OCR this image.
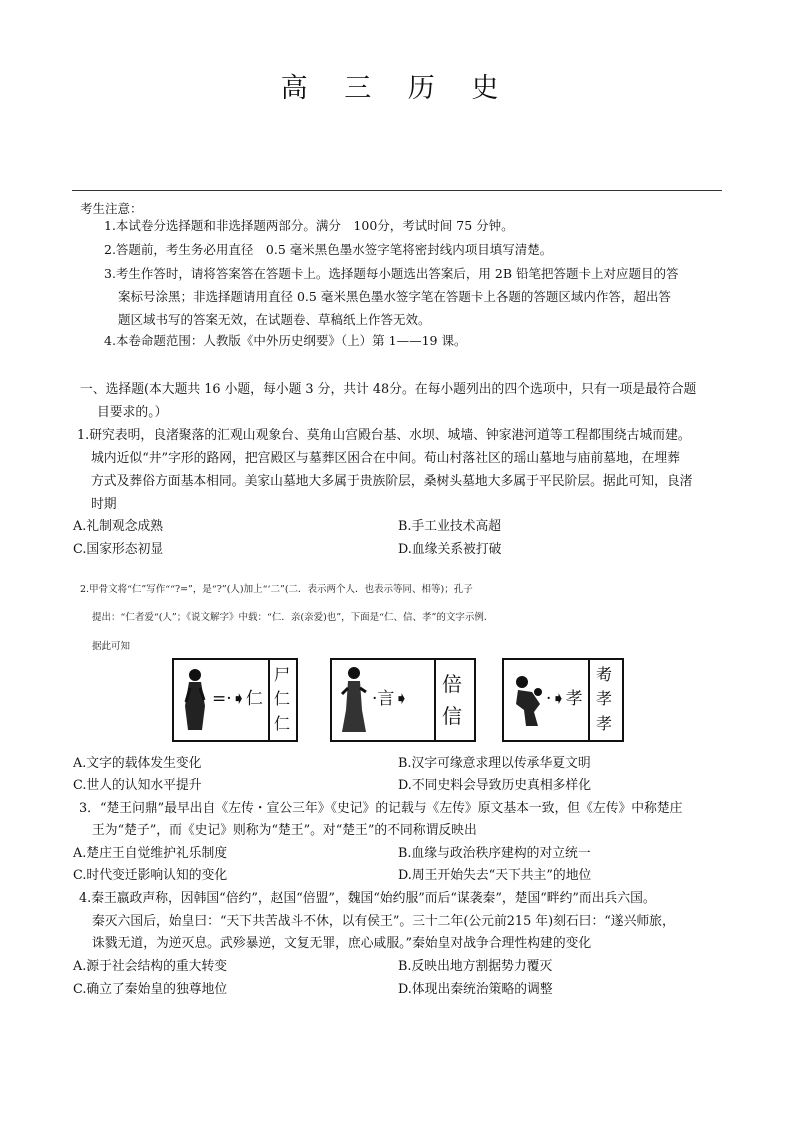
高 三 历 史
考生注意：
1.本试卷分选择题和非选择题两部分。满分　100分，考试时间 75 分钟。
2.答题前，考生务必用直径　0.5 毫米黑色墨水签字笔将密封线内项目填写清楚。
3.考生作答时，请将答案答在答题卡上。选择题每小题选出答案后，用 2B 铅笔把答题卡上对应题目的答
案标号涂黑；非选择题请用直径 0.5 毫米黑色墨水签字笔在答题卡上各题的答题区域内作答，超出答
题区域书写的答案无效，在试题卷、草稿纸上作答无效。
4.本卷命题范围：人教版《中外历史纲要》（上）第 1——19 课。
一、选择题(本大题共 16 小题，每小题 3 分，共计 48分。在每小题列出的四个选项中，只有一项是最符合题
目要求的。）
1.研究表明，良渚聚落的汇观山观象台、莫角山宫殿台基、水坝、城墙、钟家港河道等工程都围绕古城而建。
城内近似“井”字形的路网，把宫殿区与墓葬区困合在中间。荀山村落社区的瑶山墓地与庙前墓地，在埋葬
方式及葬俗方面基本相同。美家山墓地大多属于贵族阶层，桑树头墓地大多属于平民阶层。据此可知，良渚
时期
A.礼制观念成熟	B.手工业技术高超
C.国家形态初显	D.血缘关系被打破
2.甲骨文将“仁”写作““?=”，是“?”(人)加上“‘二”(二．表示两个人．也表示等同、相等)；孔子
提出：“仁者爱“(人”；《说文解字》中载：“仁．亲(亲爱)也”，下面是“仁、信、孝”的文字示例．
据此可知
=·➧仁
尸
仁
仁
·言➧
倍
信
·➧孝
耇
孝
孝
A.文字的载体发生变化	B.汉字可缘意求理以传承华夏文明
C.世人的认知水平提升	D.不同史料会导致历史真相多样化
3．“楚王问鼎”最早出自《左传・宣公三年》《史记》的记载与《左传》原文基本一致，但《左传》中称楚庄
王为“楚子”，而《史记》则称为“楚王”。对“楚王”的不同称谓反映出
A.楚庄王自觉维护礼乐制度	B.血缘与政治秩序建构的对立统一
C.时代变迁影响认知的变化	D.周王开始失去“天下共主”的地位
4.秦王嬴政声称，因韩国“倍约”，赵国“倍盟”，魏国“始约服”而后“谋袭秦”，楚国“畔约”而出兵六国。
秦灭六国后，始皇曰：“天下共苦战斗不休，以有侯王”。三十二年(公元前215 年)刻石曰：“遂兴师旅，
诛戮无道，为逆灭息。武殄暴逆，文复无罪，庶心咸服。”秦始皇对战争合理性构建的变化
A.源于社会结构的重大转变	B.反映出地方割据势力覆灭
C.确立了秦始皇的独尊地位	D.体现出秦统治策略的调整
